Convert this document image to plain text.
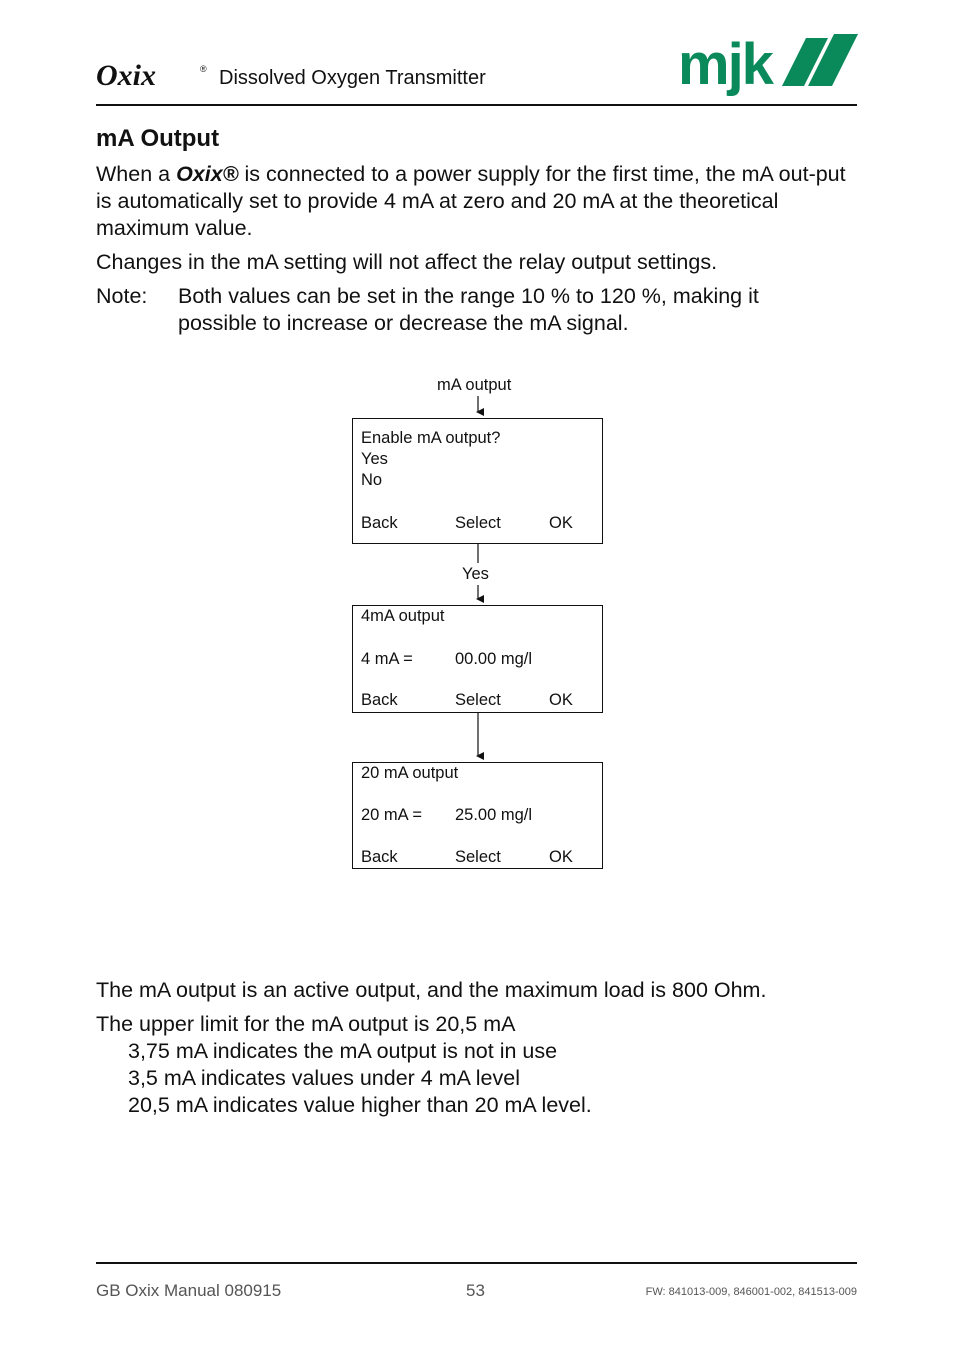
Oxix	® Dissolved Oxygen Transmitter	mjk
mA Output
When a Oxix® is connected to a power supply for the first time, the mA out-put is automatically set to provide 4 mA at zero and 20 mA at the theoretical maximum value.
Changes in the mA setting will not affect the relay output settings.
Note: Both values can be set in the range 10 % to 120 %, making it possible to increase or decrease the mA signal.
mA output
Enable mA output?
Yes
No
Back	Select	OK
Yes
4mA output
4 mA =	00.00 mg/l
Back	Select	OK
20 mA output
20 mA = 25.00 mg/l
Back	Select	OK
The mA output is an active output, and the maximum load is 800 Ohm.
The upper limit for the mA output is 20,5 mA
3,75 mA indicates the mA output is not in use
3,5 mA indicates values under 4 mA level
20,5 mA indicates value higher than 20 mA level.
GB Oxix Manual 080915	53	FW: 841013-009, 846001-002, 841513-009
